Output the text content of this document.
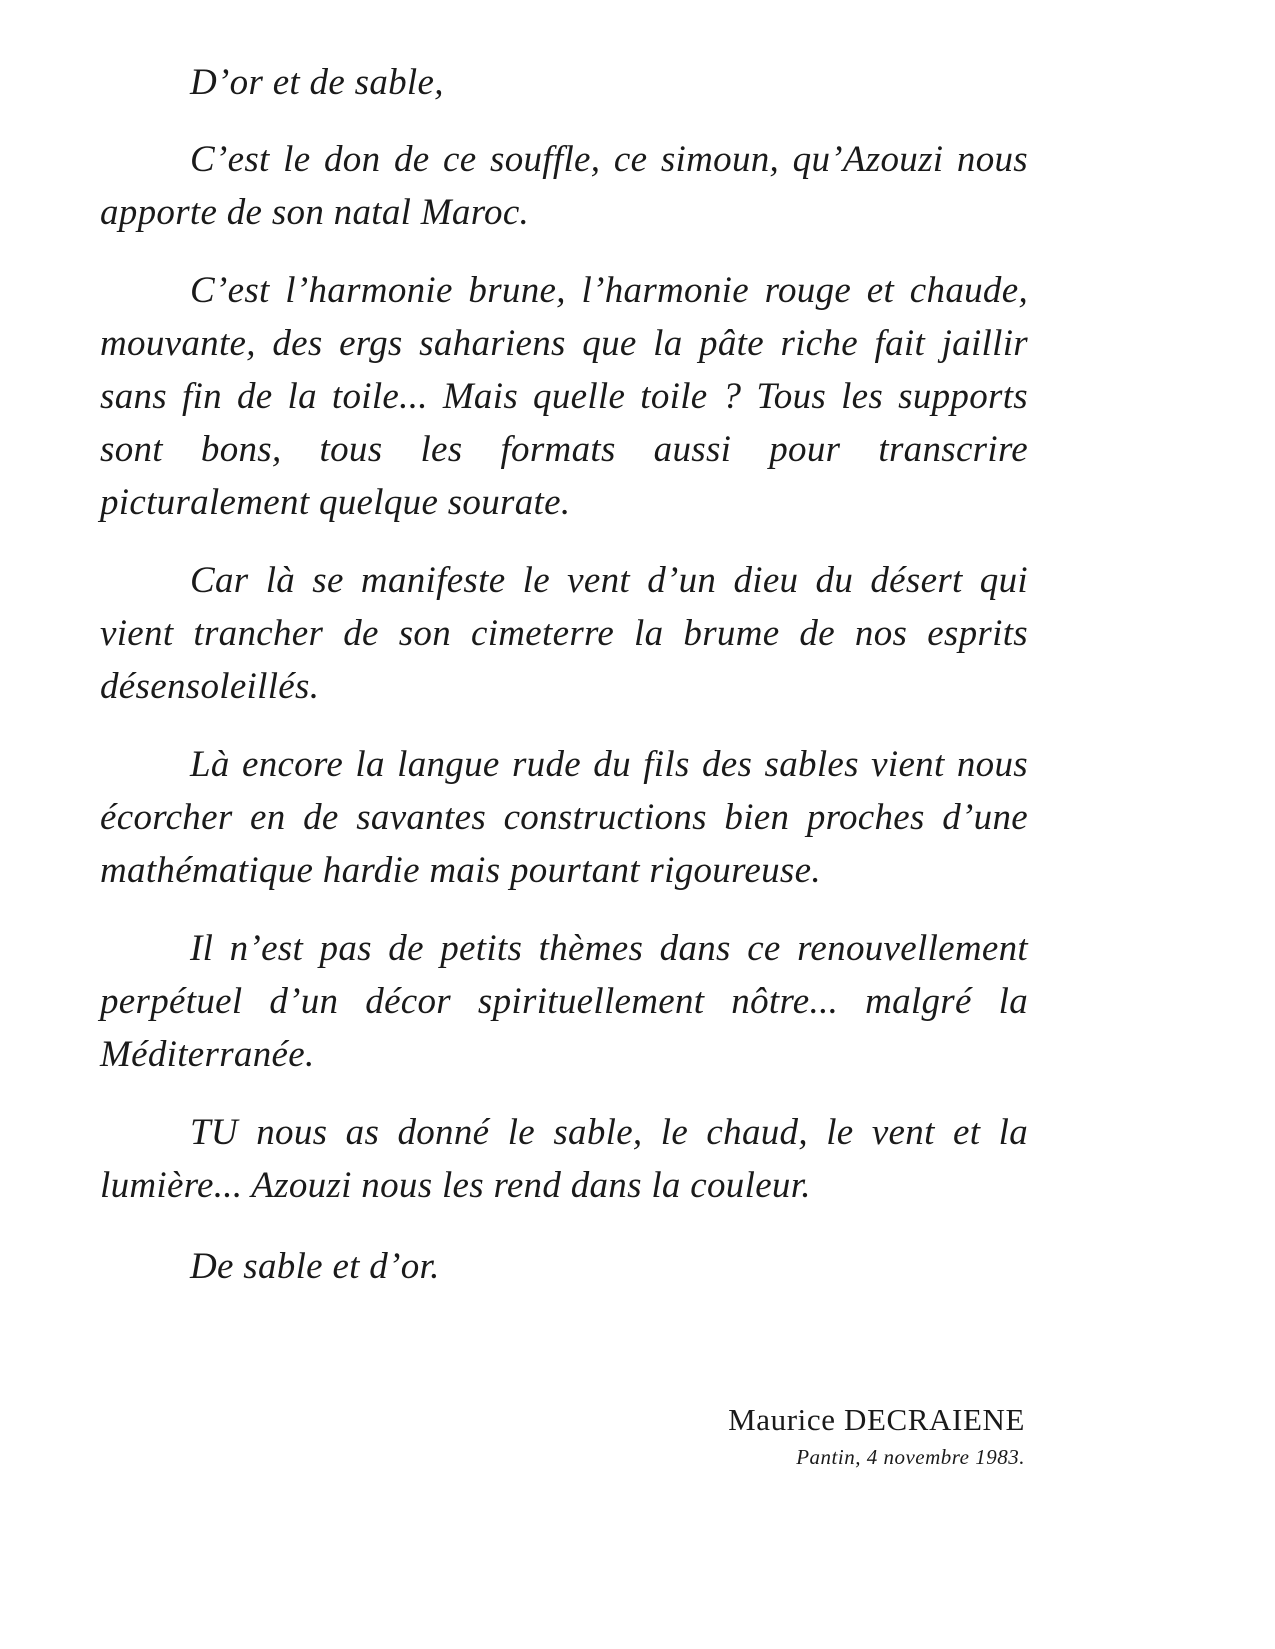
D’or et de sable,

C’est le don de ce souffle, ce simoun, qu’Azouzi nous apporte de son natal Maroc.

C’est l’harmonie brune, l’harmonie rouge et chaude, mouvante, des ergs sahariens que la pâte riche fait jaillir sans fin de la toile... Mais quelle toile ? Tous les supports sont bons, tous les formats aussi pour transcrire picturalement quelque sourate.

Car là se manifeste le vent d’un dieu du désert qui vient trancher de son cimeterre la brume de nos esprits désensoleillés.

Là encore la langue rude du fils des sables vient nous écorcher en de savantes constructions bien proches d’une mathématique hardie mais pourtant rigoureuse.

Il n’est pas de petits thèmes dans ce renouvellement perpétuel d’un décor spirituellement nôtre... malgré la Méditerranée.

TU nous as donné le sable, le chaud, le vent et la lumière... Azouzi nous les rend dans la couleur.

De sable et d’or.

Maurice DECRAIENE
Pantin, 4 novembre 1983.
